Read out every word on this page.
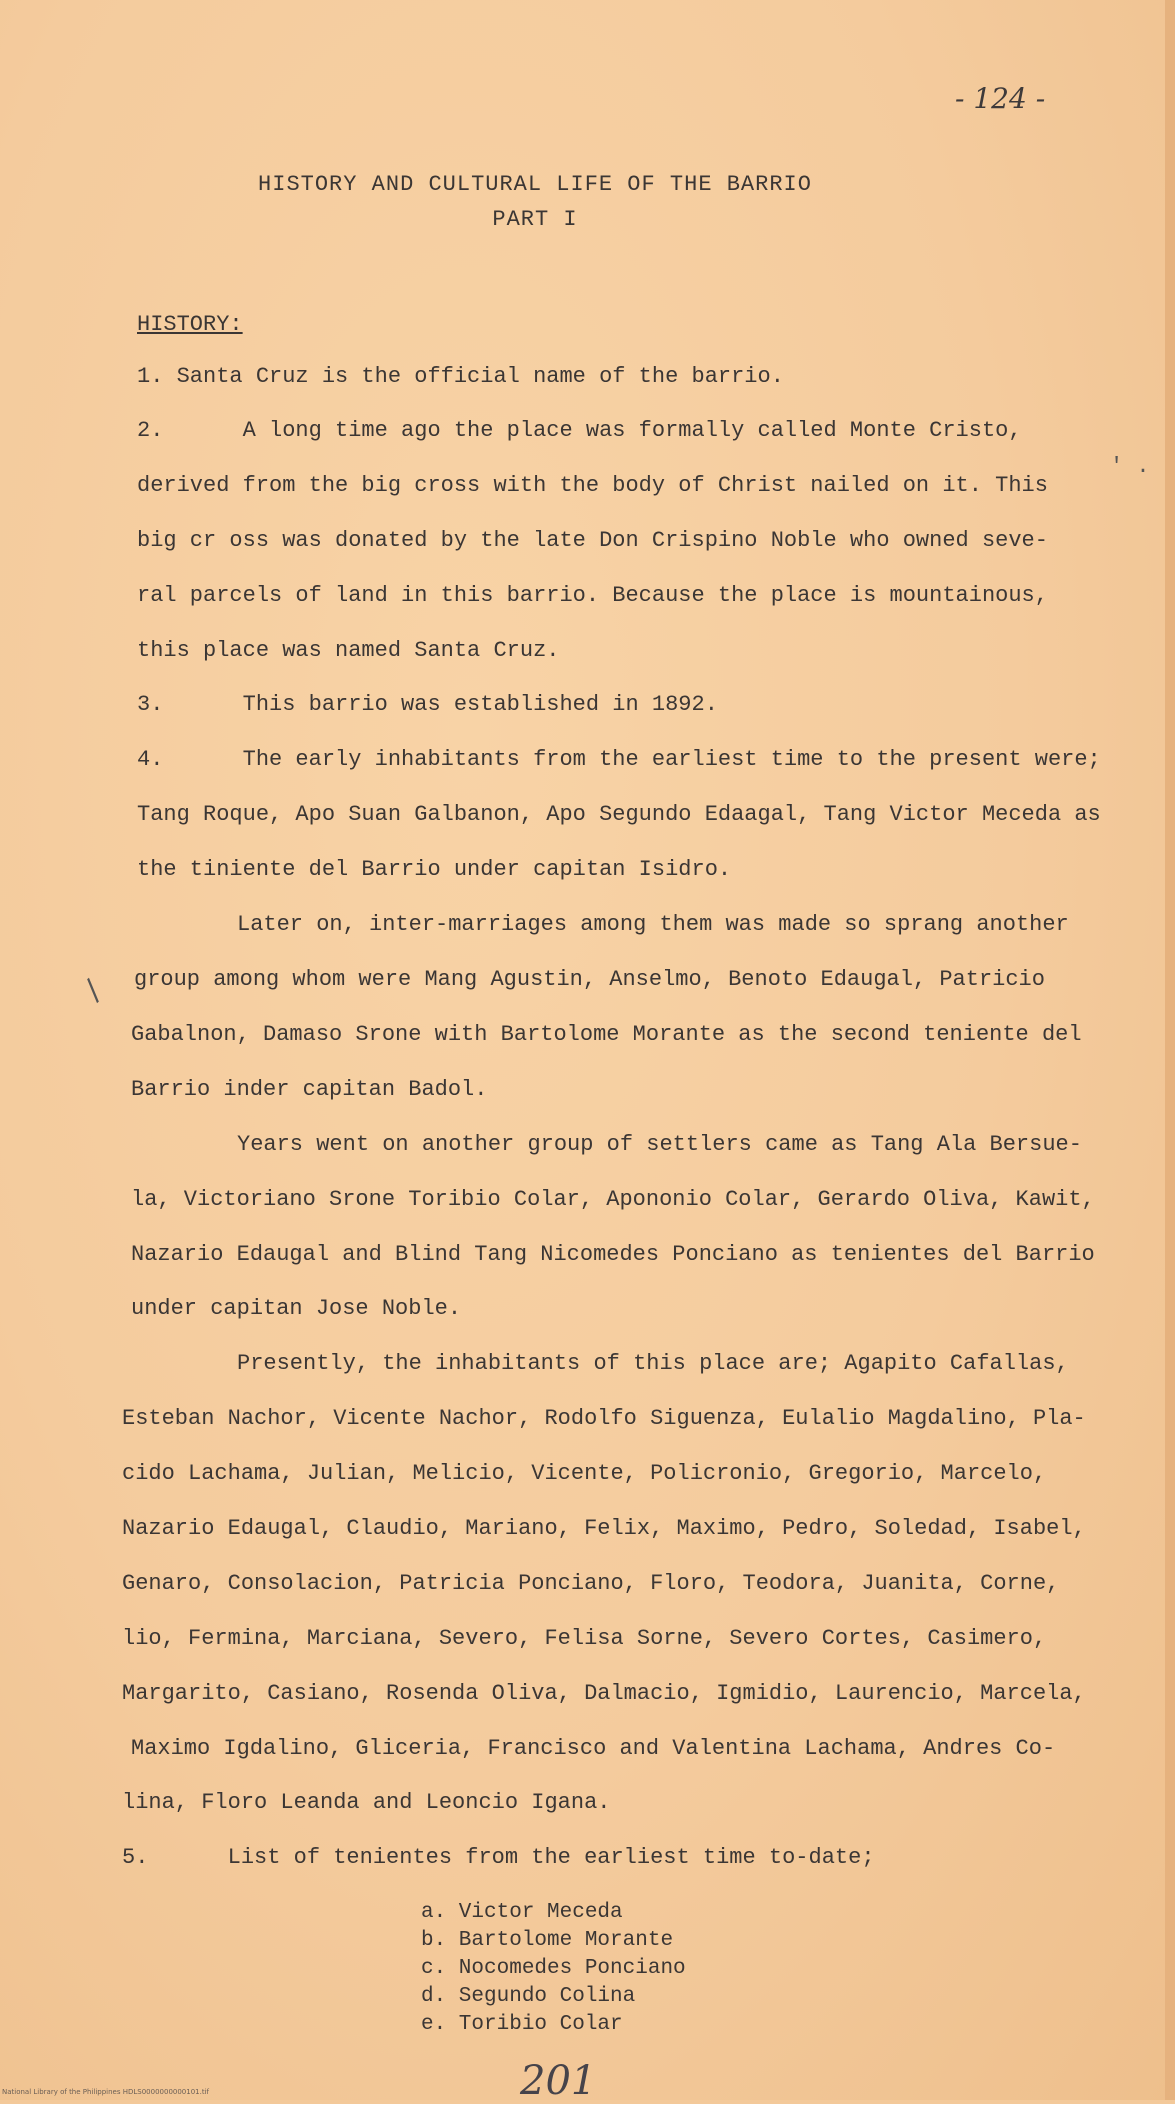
- 124 -
HISTORY AND CULTURAL LIFE OF THE BARRIO
PART I
HISTORY:
1. Santa Cruz is the official name of the barrio.
2.      A long time ago the place was formally called Monte Cristo,
derived from the big cross with the body of Christ nailed on it. This
big cr oss was donated by the late Don Crispino Noble who owned seve-
ral parcels of land in this barrio. Because the place is mountainous,
this place was named Santa Cruz.
3.      This barrio was established in 1892.
4.      The early inhabitants from the earliest time to the present were;
Tang Roque, Apo Suan Galbanon, Apo Segundo Edaagal, Tang Victor Meceda as
the tiniente del Barrio under capitan Isidro.
Later on, inter-marriages among them was made so sprang another
group among whom were Mang Agustin, Anselmo, Benoto Edaugal, Patricio
Gabalnon, Damaso Srone with Bartolome Morante as the second teniente del
Barrio inder capitan Badol.
Years went on another group of settlers came as Tang Ala Bersue-
la, Victoriano Srone Toribio Colar, Apononio Colar, Gerardo Oliva, Kawit,
Nazario Edaugal and Blind Tang Nicomedes Ponciano as tenientes del Barrio
under capitan Jose Noble.
Presently, the inhabitants of this place are; Agapito Cafallas,
Esteban Nachor, Vicente Nachor, Rodolfo Siguenza, Eulalio Magdalino, Pla-
cido Lachama, Julian, Melicio, Vicente, Policronio, Gregorio, Marcelo,
Nazario Edaugal, Claudio, Mariano, Felix, Maximo, Pedro, Soledad, Isabel,
Genaro, Consolacion, Patricia Ponciano, Floro, Teodora, Juanita, Corne,
lio, Fermina, Marciana, Severo, Felisa Sorne, Severo Cortes, Casimero,
Margarito, Casiano, Rosenda Oliva, Dalmacio, Igmidio, Laurencio, Marcela,
Maximo Igdalino, Gliceria, Francisco and Valentina Lachama, Andres Co-
lina, Floro Leanda and Leoncio Igana.
5.      List of tenientes from the earliest time to-date;
a. Victor Meceda
b. Bartolome Morante
c. Nocomedes Ponciano
d. Segundo Colina
e. Toribio Colar
/
' .
201
National Library of the Philippines HDLS0000000000101.tif
